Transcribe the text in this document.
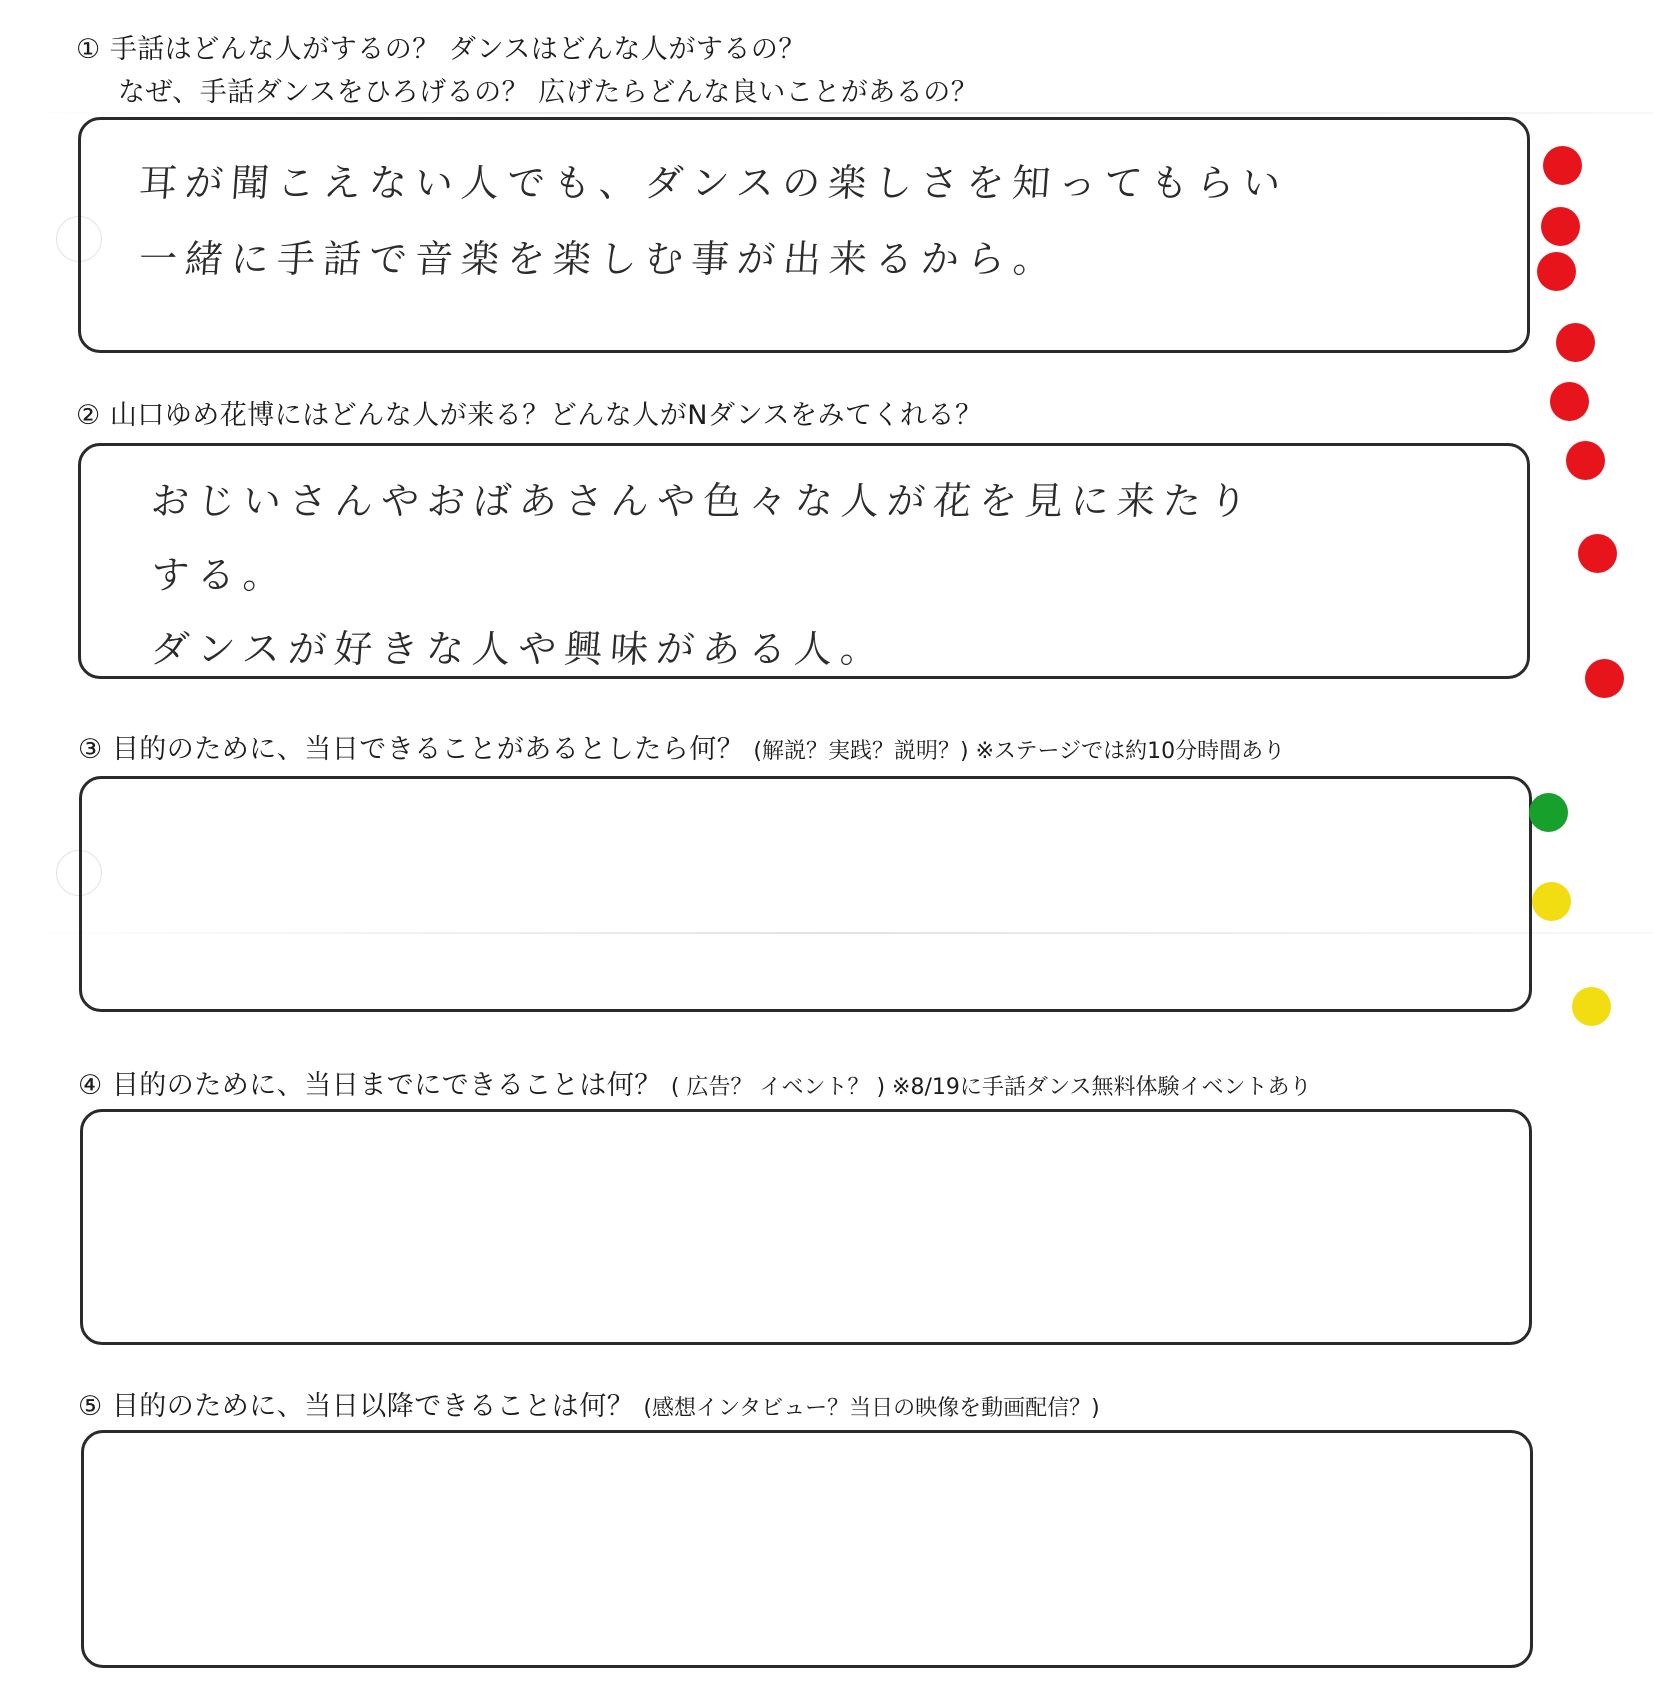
① 手話はどんな人がするの？ ダンスはどんな人がするの？
なぜ、手話ダンスをひろげるの？ 広げたらどんな良いことがあるの？
耳が聞こえない人でも、ダンスの楽しさを知ってもらい
一緒に手話で音楽を楽しむ事が出来るから。
② 山口ゆめ花博にはどんな人が来る？どんな人がNダンスをみてくれる？
おじいさんやおばあさんや色々な人が花を見に来たり
する。
ダンスが好きな人や興味がある人。
③ 目的のために、当日できることがあるとしたら何？ (解説？実践？説明？) ※ステージでは約10分時間あり
④ 目的のために、当日までにできることは何？ ( 広告？ イベント？ ) ※8/19に手話ダンス無料体験イベントあり
⑤ 目的のために、当日以降できることは何？ (感想インタビュー？当日の映像を動画配信？)
